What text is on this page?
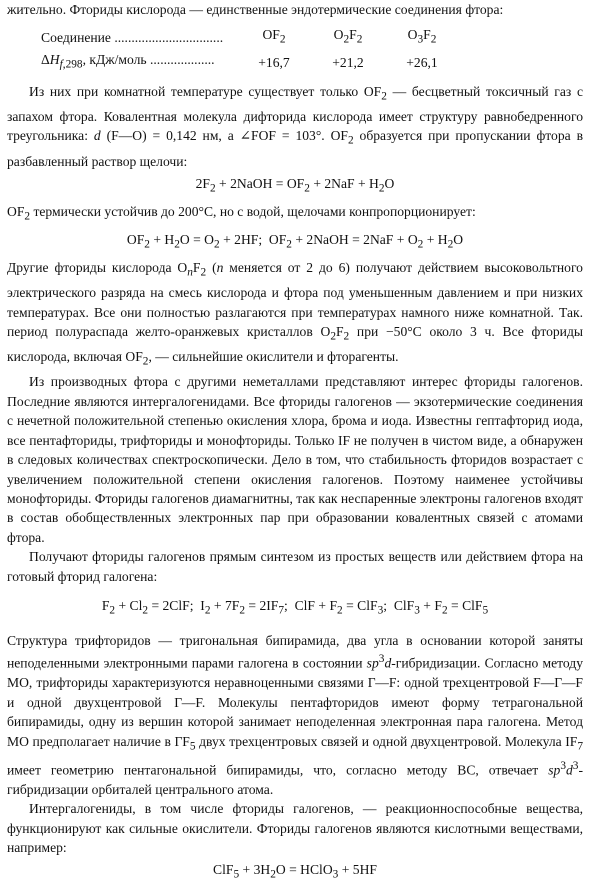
жительно. Фториды кислорода — единственные эндотермические соединения фтора:

Соединение ................................	$OF_2$	$O_2F_2$	$O_3F_2$
$\Delta H_{f,298}$, кДж/моль ...................	+16,7	+21,2	+26,1

Из них при комнатной температуре существует только $OF_2$ — бесцветный токсичный газ с запахом фтора. Ковалентная молекула дифторида кислорода имеет структуру равнобедренного треугольника: d (F—O) = 0,142 нм, а ∠FOF = 103°. $OF_2$ образуется при пропускании фтора в разбавленный раствор щелочи:

$2F_2$ + 2NaOH = $OF_2 + 2NaF + H_2O$

$OF_2$ термически устойчив до 200°С, но с водой, щелочами конпропорционирует:

$OF_2 + H_2O = O_2 + 2HF$;  $OF_2$ + 2NaOH = $2NaF + O_2 + H_2O$

Другие фториды кислорода $O_nF_2$ (n меняется от 2 до 6) получают действием высоковольтного электрического разряда на смесь кислорода и фтора под уменьшенным давлением и при низких температурах. Все они полностью разлагаются при температурах намного ниже комнатной. Так. период полураспада желто-оранжевых кристаллов $O_2F_2$ при −50°С около 3 ч. Все фториды кислорода, включая $OF_2$, — сильнейшие окислители и фторагенты.

Из производных фтора с другими неметаллами представляют интерес фториды галогенов. Последние являются интергалогенидами. Все фториды галогенов — экзотермические соединения с нечетной положительной степенью окисления хлора, брома и иода. Известны гептафторид иода, все пентафториды, трифториды и монофториды. Только IF не получен в чистом виде, а обнаружен в следовых количествах спектроскопически. Дело в том, что стабильность фторидов возрастает с увеличением положительной степени окисления галогенов. Поэтому наименее устойчивы монофториды. Фториды галогенов диамагнитны, так как неспаренные электроны галогенов входят в состав обобществленных электронных пар при образовании ковалентных связей с атомами фтора.

Получают фториды галогенов прямым синтезом из простых веществ или действием фтора на готовый фторид галогена:

$F_2 + Cl_2 = 2ClF$;  $I_2 + 7F_2 = 2IF_7$;  ClF + $F_2 = ClF_3$;  $ClF_3 + F_2 = ClF_5$

Структура трифторидов — тригональная бипирамида, два угла в основании которой заняты неподеленными электронными парами галогена в состоянии $sp^3d$-гибридизации. Согласно методу МО, трифториды характеризуются неравноценными связями Г—F: одной трехцентровой F—Г—F и одной двухцентровой Г—F. Молекулы пентафторидов имеют форму тетрагональной бипирамиды, одну из вершин которой занимает неподеленная электронная пара галогена. Метод МО предполагает наличие в $ГF_5$ двух трехцентровых связей и одной двухцентровой. Молекула $IF_7$ имеет геометрию пентагональной бипирамиды, что, согласно методу ВС, отвечает $sp^3d^3$-гибридизации орбиталей центрального атома.

Интергалогениды, в том числе фториды галогенов, — реакционноспособные вещества, функционируют как сильные окислители. Фториды галогенов являются кислотными веществами, например:

$ClF_5 + 3H_2O$ = HClO$_3$ + 5HF
